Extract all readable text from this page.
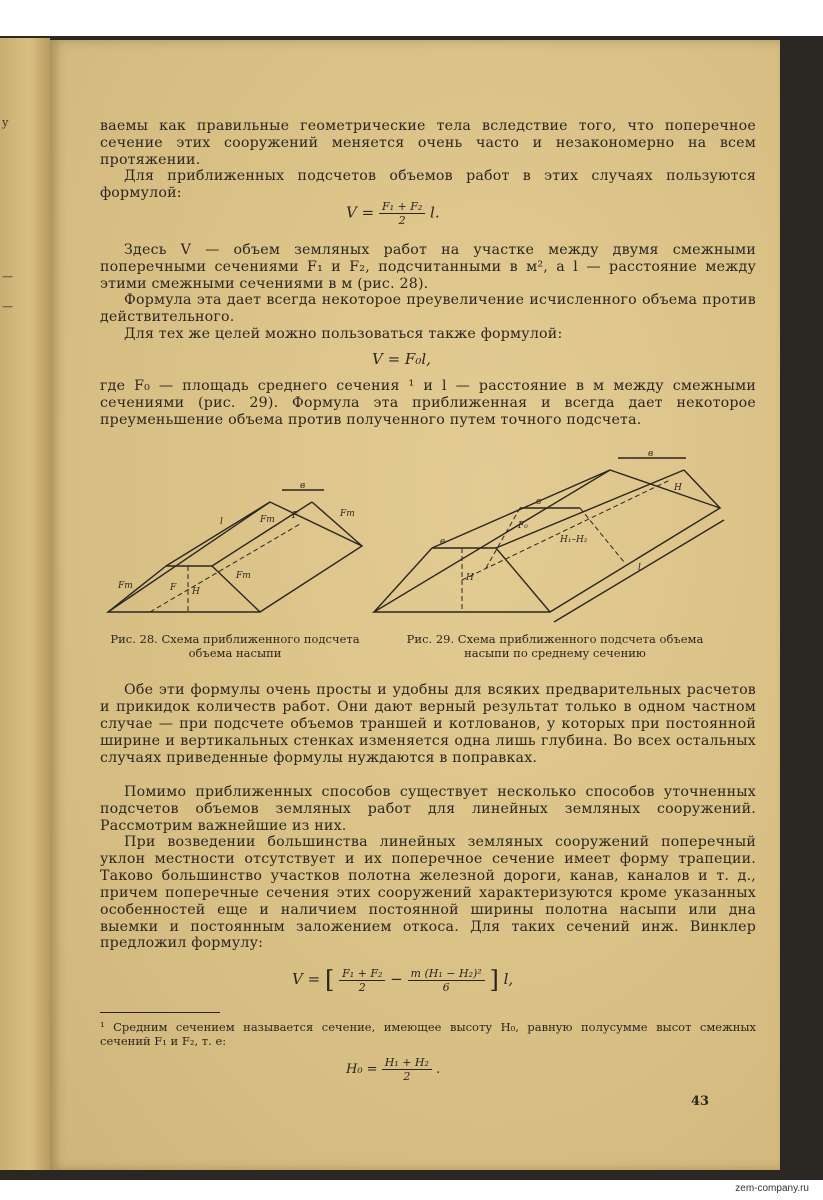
у
—
—
ваемы как правильные геометрические тела вследствие того, что поперечное сечение этих сооружений меняется очень часто и незакономерно на всем протяжении.
Для приближенных подсчетов объемов работ в этих случаях пользуются формулой:
$V = \frac{\text{F₁ + F₂}}{2} l$.
Здесь V — объем земляных работ на участке между двумя смежными поперечными сечениями F₁ и F₂, подсчитанными в м², а l — расстояние между этими смежными сечениями в м (рис. 28).
Формула эта дает всегда некоторое преувеличение исчисленного объема против действительного.
Для тех же целей можно пользоваться также формулой:
V = F₀l,
где F₀ — площадь среднего сечения ¹ и l — расстояние в м между смежными сечениями (рис. 29). Формула эта приближенная и всегда дает некоторое преуменьшение объема против полученного путем точного подсчета.
в
l	Fm F
F H
Fm
Fm
Fm
Рис. 28. Схема приближенного подсчета объема насыпи
в
в
в
l
F₀
H₁–H₂
H
H
Рис. 29. Схема приближенного подсчета объема насыпи по среднему сечению
Обе эти формулы очень просты и удобны для всяких предварительных расчетов и прикидок количеств работ. Они дают верный результат только в одном частном случае — при подсчете объемов траншей и котлованов, у которых при постоянной ширине и вертикальных стенках изменяется одна лишь глубина. Во всех остальных случаях приведенные формулы нуждаются в поправках.
Помимо приближенных способов существует несколько способов уточненных подсчетов объемов земляных работ для линейных земляных сооружений. Рассмотрим важнейшие из них.
При возведении большинства линейных земляных сооружений поперечный уклон местности отсутствует и их поперечное сечение имеет форму трапеции. Таково большинство участков полотна железной дороги, канав, каналов и т. д., причем поперечные сечения этих сооружений характеризуются кроме указанных особенностей еще и наличием постоянной ширины полотна насыпи или дна выемки и постоянным заложением откоса. Для таких сечений инж. Винклер предложил формулу:
V = [ $\frac{\text{F₁ + F₂}}{2} - \frac{\text{m (H₁ − H₂)²}}{6}$ ] l,
¹ Средним сечением называется сечение, имеющее высоту H₀, равную полусумме высот смежных сечений F₁ и F₂, т. е:
$H_0 = \frac{\text{H₁ + H₂}}{2}$ .
43
zem-company.ru
